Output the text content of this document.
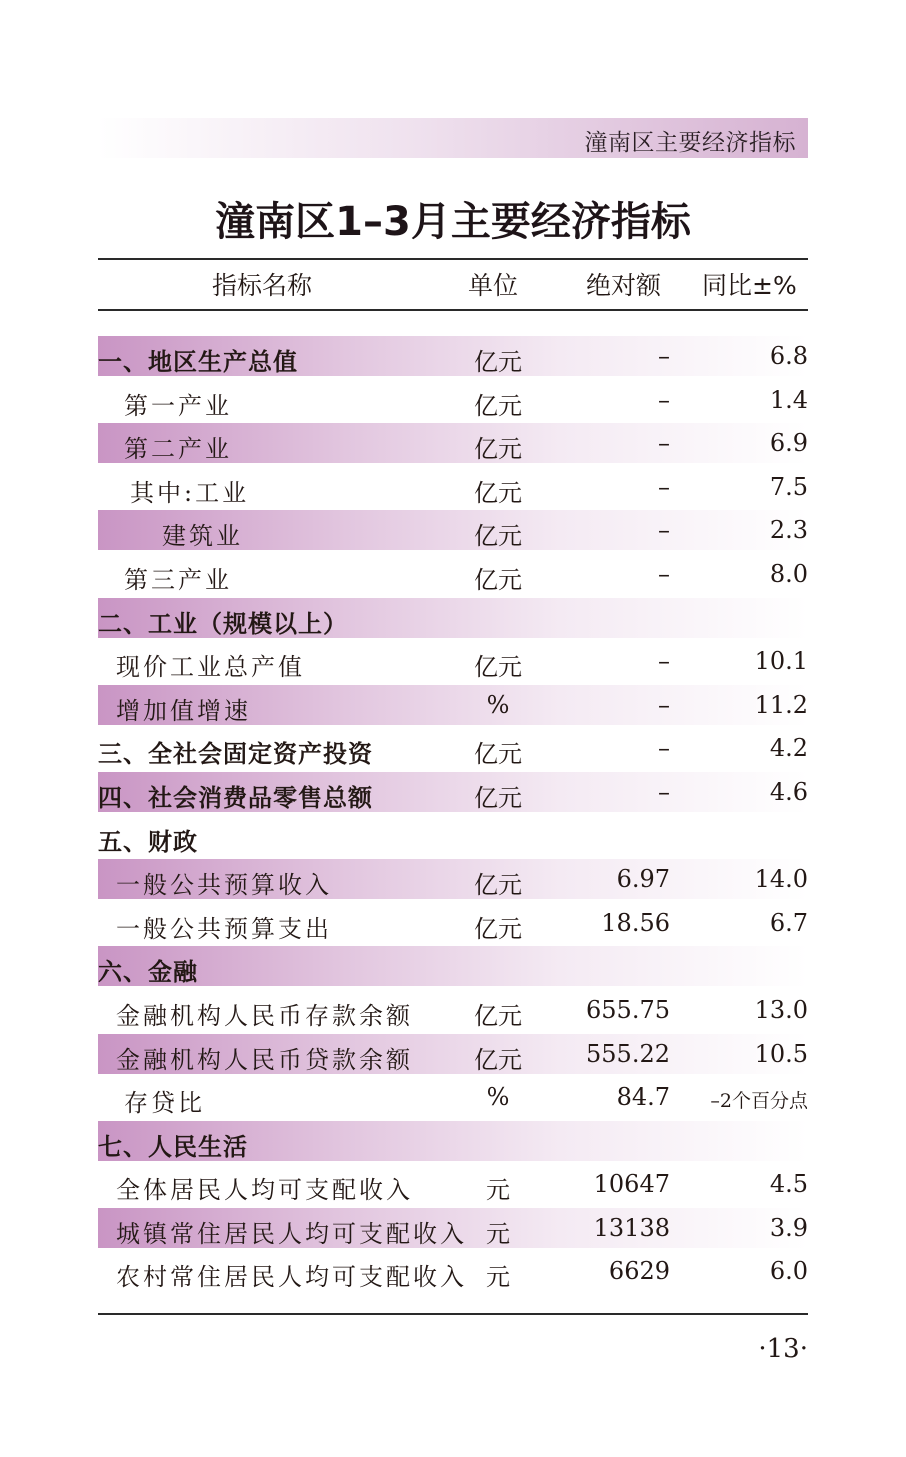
潼南区主要经济指标
潼南区1–3月主要经济指标
指标名称	单位	绝对额 同比±%
一、地区生产总值	亿元	–	6.8
第一产业	亿元	–	1.4
第二产业	亿元	–	6.9
其中:工业	亿元	–	7.5
建筑业	亿元	–	2.3
第三产业	亿元	–	8.0
二、工业（规模以上）
现价工业总产值	亿元	–	10.1
增加值增速	%	–	11.2
三、全社会固定资产投资	亿元	–	4.2
四、社会消费品零售总额	亿元	–	4.6
五、财政
一般公共预算收入	亿元	6.97	14.0
一般公共预算支出	亿元	18.56	6.7
六、金融
金融机构人民币存款余额	亿元	655.75	13.0
金融机构人民币贷款余额	亿元	555.22	10.5
存贷比	%	84.7 –2个百分点
七、人民生活
全体居民人均可支配收入	元	10647	4.5
城镇常住居民人均可支配收入 元	13138	3.9
农村常住居民人均可支配收入 元	6629	6.0
·13·
